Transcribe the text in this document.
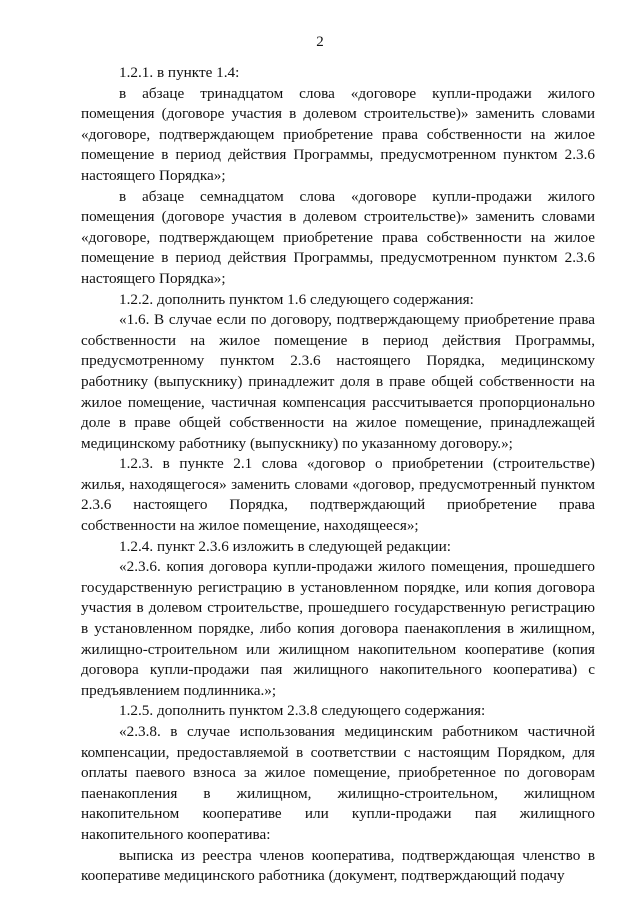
2

1.2.1. в пункте 1.4:

в абзаце тринадцатом слова «договоре купли-продажи жилого помещения (договоре участия в долевом строительстве)» заменить словами «договоре, подтверждающем приобретение права собственности на жилое помещение в период действия Программы, предусмотренном пунктом 2.3.6 настоящего Порядка»;

в абзаце семнадцатом слова «договоре купли-продажи жилого помещения (договоре участия в долевом строительстве)» заменить словами «договоре, подтверждающем приобретение права собственности на жилое помещение в период действия Программы, предусмотренном пунктом 2.3.6 настоящего Порядка»;

1.2.2. дополнить пунктом 1.6 следующего содержания:

«1.6. В случае если по договору, подтверждающему приобретение права собственности на жилое помещение в период действия Программы, предусмотренному пунктом 2.3.6 настоящего Порядка, медицинскому работнику (выпускнику) принадлежит доля в праве общей собственности на жилое помещение, частичная компенсация рассчитывается пропорционально доле в праве общей собственности на жилое помещение, принадлежащей медицинскому работнику (выпускнику) по указанному договору.»;

1.2.3. в пункте 2.1 слова «договор о приобретении (строительстве) жилья, находящегося» заменить словами «договор, предусмотренный пунктом 2.3.6 настоящего Порядка, подтверждающий приобретение права собственности на жилое помещение, находящееся»;

1.2.4. пункт 2.3.6 изложить в следующей редакции:

«2.3.6. копия договора купли-продажи жилого помещения, прошедшего государственную регистрацию в установленном порядке, или копия договора участия в долевом строительстве, прошедшего государственную регистрацию в установленном порядке, либо копия договора паенакопления в жилищном, жилищно-строительном или жилищном накопительном кооперативе (копия договора купли-продажи пая жилищного накопительного кооператива) с предъявлением подлинника.»;

1.2.5. дополнить пунктом 2.3.8 следующего содержания:

«2.3.8. в случае использования медицинским работником частичной компенсации, предоставляемой в соответствии с настоящим Порядком, для оплаты паевого взноса за жилое помещение, приобретенное по договорам паенакопления в жилищном, жилищно-строительном, жилищном накопительном кооперативе или купли-продажи пая жилищного накопительного кооператива:

выписка из реестра членов кооператива, подтверждающая членство в кооперативе медицинского работника (документ, подтверждающий подачу
